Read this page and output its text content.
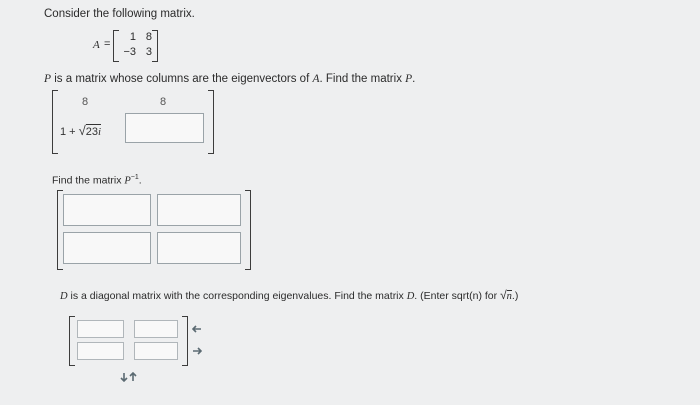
Consider the following matrix.
A =
1 8
−3 3
P is a matrix whose columns are the eigenvectors of A. Find the matrix P.
8	8
1 + √23i
Find the matrix $P^{-1}$.
D is a diagonal matrix with the corresponding eigenvalues. Find the matrix D. (Enter sqrt(n) for √n.)
